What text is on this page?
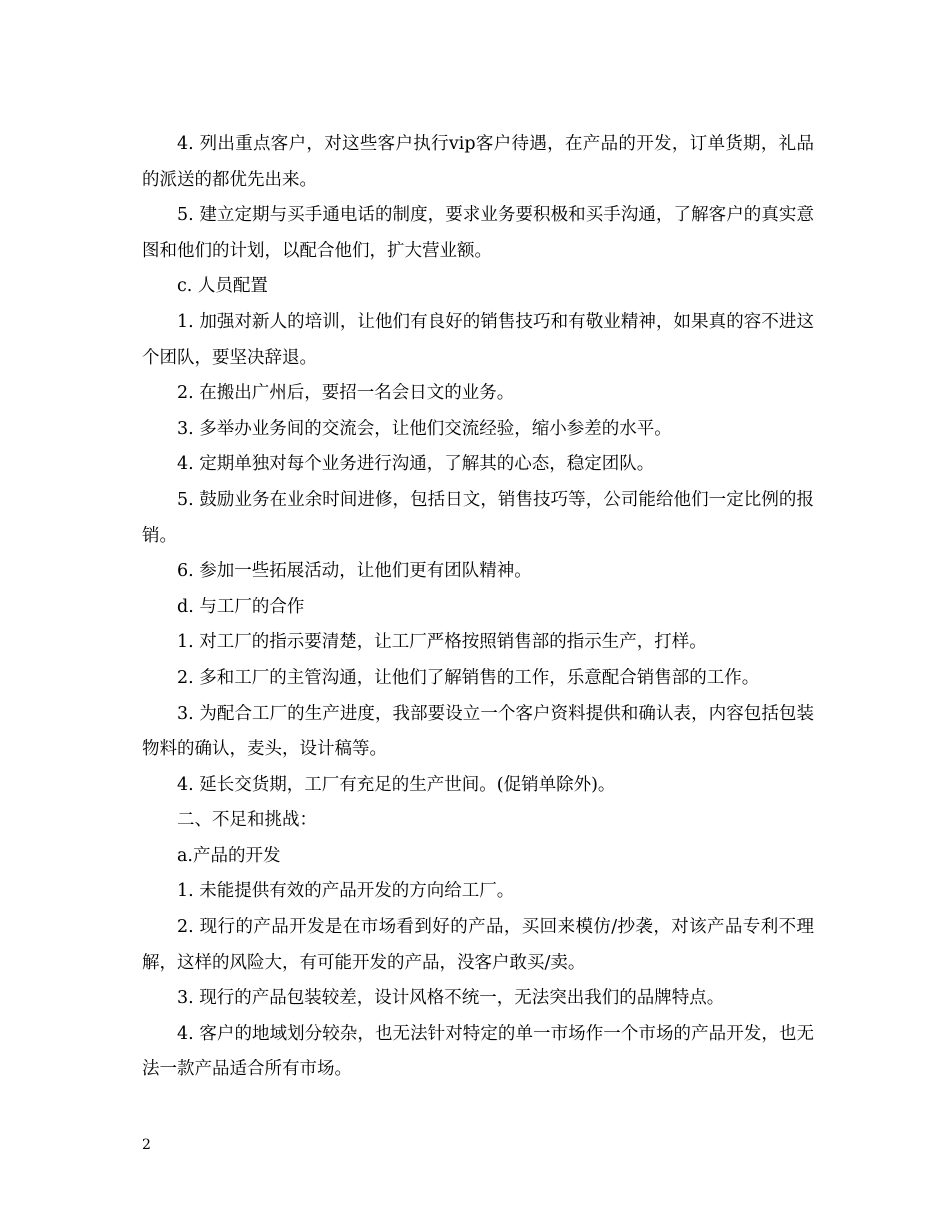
4. 列出重点客户，对这些客户执行vip客户待遇，在产品的开发，订单货期，礼品的派送的都优先出来。

5. 建立定期与买手通电话的制度，要求业务要积极和买手沟通，了解客户的真实意图和他们的计划，以配合他们，扩大营业额。

c. 人员配置

1. 加强对新人的培训，让他们有良好的销售技巧和有敬业精神，如果真的容不进这个团队，要坚决辞退。

2. 在搬出广州后，要招一名会日文的业务。

3. 多举办业务间的交流会，让他们交流经验，缩小参差的水平。

4. 定期单独对每个业务进行沟通，了解其的心态，稳定团队。

5. 鼓励业务在业余时间进修，包括日文，销售技巧等，公司能给他们一定比例的报销。

6. 参加一些拓展活动，让他们更有团队精神。

d. 与工厂的合作

1. 对工厂的指示要清楚，让工厂严格按照销售部的指示生产，打样。

2. 多和工厂的主管沟通，让他们了解销售的工作，乐意配合销售部的工作。

3. 为配合工厂的生产进度，我部要设立一个客户资料提供和确认表，内容包括包装物料的确认，麦头，设计稿等。

4. 延长交货期，工厂有充足的生产世间。(促销单除外)。

二、不足和挑战：

a.产品的开发

1. 未能提供有效的产品开发的方向给工厂。

2. 现行的产品开发是在市场看到好的产品，买回来模仿/抄袭，对该产品专利不理解，这样的风险大，有可能开发的产品，没客户敢买/卖。

3. 现行的产品包装较差，设计风格不统一，无法突出我们的品牌特点。

4. 客户的地域划分较杂，也无法针对特定的单一市场作一个市场的产品开发，也无法一款产品适合所有市场。

2
